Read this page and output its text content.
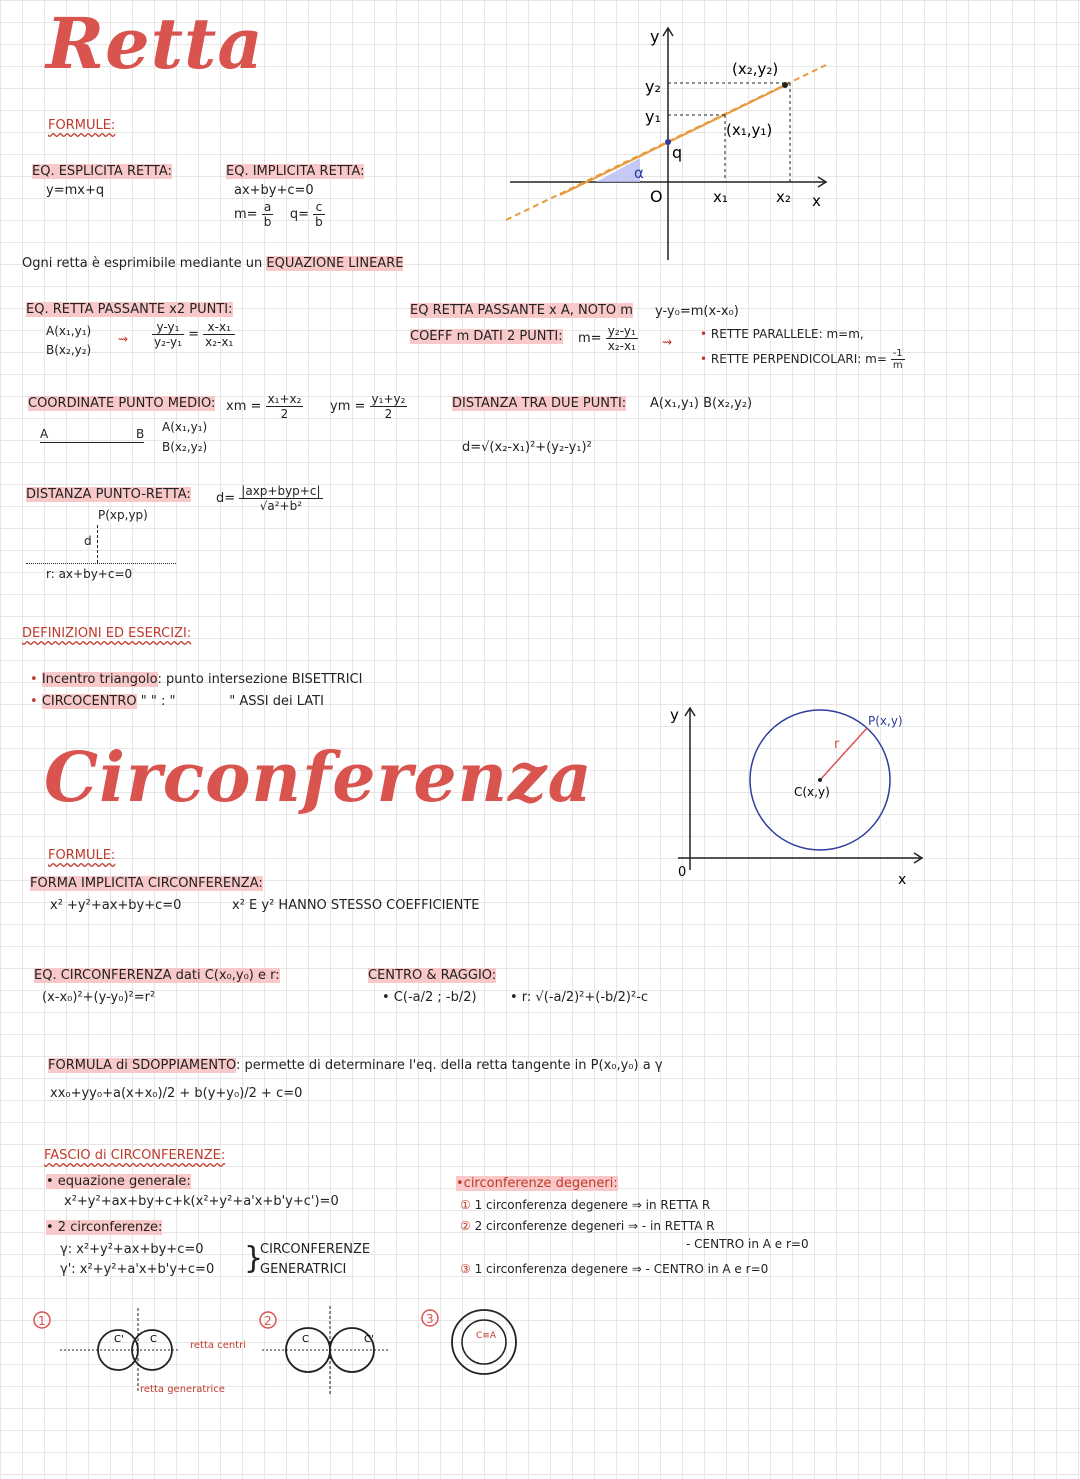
Retta
FORMULE:
EQ. ESPLICITA RETTA:
y=mx+q
EQ. IMPLICITA RETTA:
ax+by+c=0
$m= \frac{a}{b} q= \frac{c}{b}$
Ogni retta è esprimibile mediante un EQUAZIONE LINEARE
EQ. RETTA PASSANTE x2 PUNTI:
A(x₁,y₁)
B(x₂,y₂)
⇝ $\frac{\text{y-y₁}}{\text{y₂-y₁}} = \frac{\text{x-x₁}}{\text{x₂-x₁}}$
EQ RETTA PASSANTE x A, NOTO m y-y₀=m(x-x₀)
COEFF m DATI 2 PUNTI: $m= \frac{\text{y₂-y₁}}{\text{x₂-x₁}}$ ⇝
• RETTE PARALLELE: m=m,
• RETTE PERPENDICOLARI: $m= \frac{-1}{m}$
COORDINATE PUNTO MEDIO: xm = $\frac{\text{x₁+x₂}}{2}$ ym = $\frac{\text{y₁+y₂}}{2}$
A	B A(x₁,y₁)
B(x₂,y₂)
DISTANZA TRA DUE PUNTI: A(x₁,y₁) B(x₂,y₂)
d=√(x₂-x₁)²+(y₂-y₁)²
DISTANZA PUNTO-RETTA: $d= \frac{\text{|axp+byp+c|}}{\text{√a²+b²}}$
P(xp,yp)
d
r: ax+by+c=0
DEFINIZIONI ED ESERCIZI:
• Incentro triangolo: punto intersezione BISETTRICI
• CIRCOCENTRO " " : "	" ASSI dei LATI
y
y₂
y₁
q
α
O	x₁	x₂ x
(x₁,y₁)
(x₂,y₂)
Circonferenza
FORMULE:
FORMA IMPLICITA CIRCONFERENZA:
x² +y²+ax+by+c=0	x² E y² HANNO STESSO COEFFICIENTE
EQ. CIRCONFERENZA dati C(x₀,y₀) e r:
(x-x₀)²+(y-y₀)²=r²
CENTRO & RAGGIO:
• C(-a/2 ; -b/2)	• r: √(-a/2)²+(-b/2)²-c
FORMULA di SDOPPIAMENTO: permette di determinare l'eq. della retta tangente in P(x₀,y₀) a γ
xx₀+yy₀+a(x+x₀)/2 + b(y+y₀)/2 + c=0
FASCIO di CIRCONFERENZE:
• equazione generale:
x²+y²+ax+by+c+k(x²+y²+a'x+b'y+c')=0
• 2 circonferenze:
γ: x²+y²+ax+by+c=0
γ': x²+y²+a'x+b'y+c=0 }
CIRCONFERENZE
GENERATRICI
•circonferenze degeneri:
① 1 circonferenza degenere ⇒ in RETTA R
② 2 circonferenze degeneri ⇒ - in RETTA R
- CENTRO in A e r=0
③ 1 circonferenza degenere ⇒ - CENTRO in A e r=0
y
0	x
P(x,y)
C(x,y)
r
1
C'	C
retta centri
retta generatrice
2
C	C'
3
C≡A
